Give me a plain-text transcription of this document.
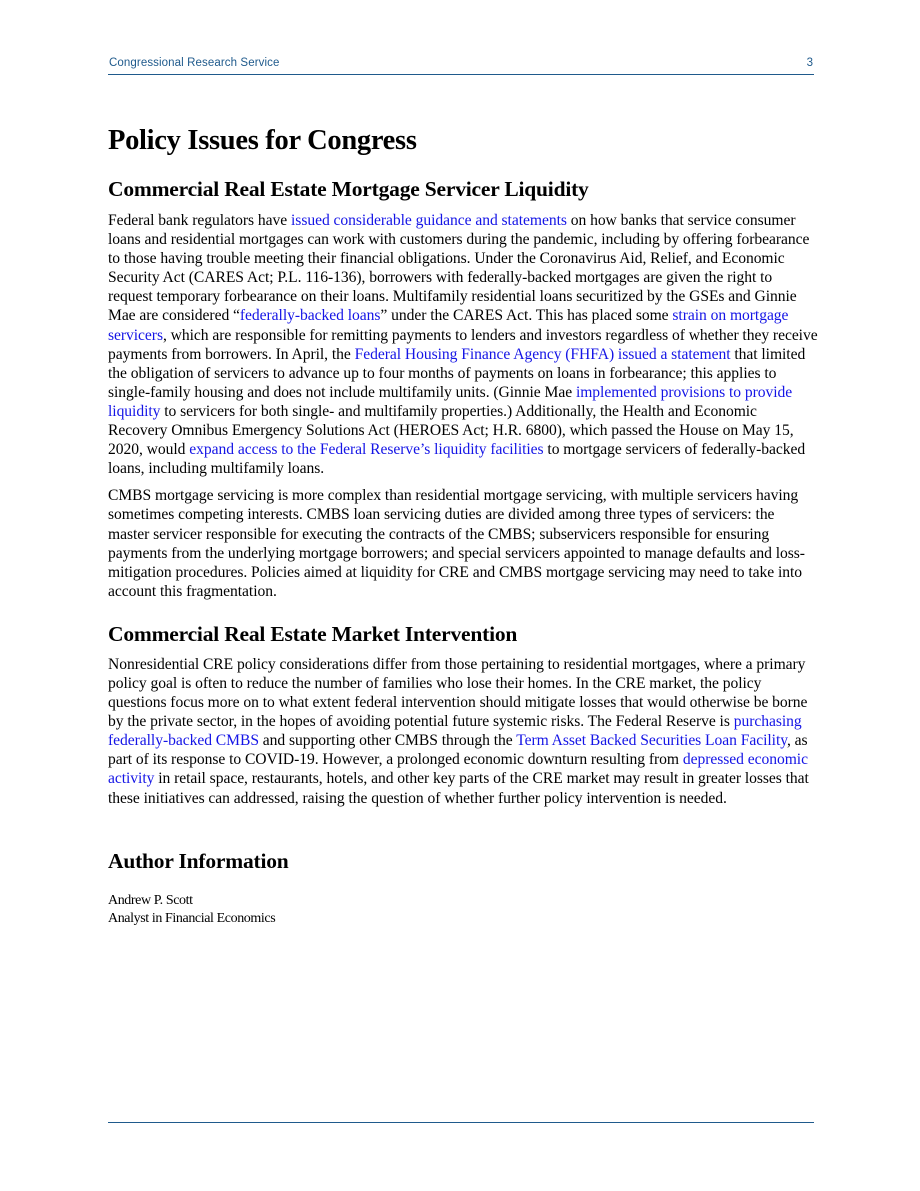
Congressional Research Service	3
Policy Issues for Congress
Commercial Real Estate Mortgage Servicer Liquidity

Federal bank regulators have issued considerable guidance and statements on how banks that service consumer loans and residential mortgages can work with customers during the pandemic, including by offering forbearance to those having trouble meeting their financial obligations. Under the Coronavirus Aid, Relief, and Economic Security Act (CARES Act; P.L. 116-136), borrowers with federally-backed mortgages are given the right to request temporary forbearance on their loans. Multifamily residential loans securitized by the GSEs and Ginnie Mae are considered “federally-backed loans” under the CARES Act. This has placed some strain on mortgage servicers, which are responsible for remitting payments to lenders and investors regardless of whether they receive payments from borrowers. In April, the Federal Housing Finance Agency (FHFA) issued a statement that limited the obligation of servicers to advance up to four months of payments on loans in forbearance; this applies to single-family housing and does not include multifamily units. (Ginnie Mae implemented provisions to provide liquidity to servicers for both single- and multifamily properties.) Additionally, the Health and Economic Recovery Omnibus Emergency Solutions Act (HEROES Act; H.R. 6800), which passed the House on May 15, 2020, would expand access to the Federal Reserve’s liquidity facilities to mortgage servicers of federally-backed loans, including multifamily loans.

CMBS mortgage servicing is more complex than residential mortgage servicing, with multiple servicers having sometimes competing interests. CMBS loan servicing duties are divided among three types of servicers: the master servicer responsible for executing the contracts of the CMBS; subservicers responsible for ensuring payments from the underlying mortgage borrowers; and special servicers appointed to manage defaults and loss-mitigation procedures. Policies aimed at liquidity for CRE and CMBS mortgage servicing may need to take into account this fragmentation.

Commercial Real Estate Market Intervention

Nonresidential CRE policy considerations differ from those pertaining to residential mortgages, where a primary policy goal is often to reduce the number of families who lose their homes. In the CRE market, the policy questions focus more on to what extent federal intervention should mitigate losses that would otherwise be borne by the private sector, in the hopes of avoiding potential future systemic risks. The Federal Reserve is purchasing federally-backed CMBS and supporting other CMBS through the Term Asset Backed Securities Loan Facility, as part of its response to COVID-19. However, a prolonged economic downturn resulting from depressed economic activity in retail space, restaurants, hotels, and other key parts of the CRE market may result in greater losses that these initiatives can addressed, raising the question of whether further policy intervention is needed.

Author Information
Andrew P. Scott
Analyst in Financial Economics
